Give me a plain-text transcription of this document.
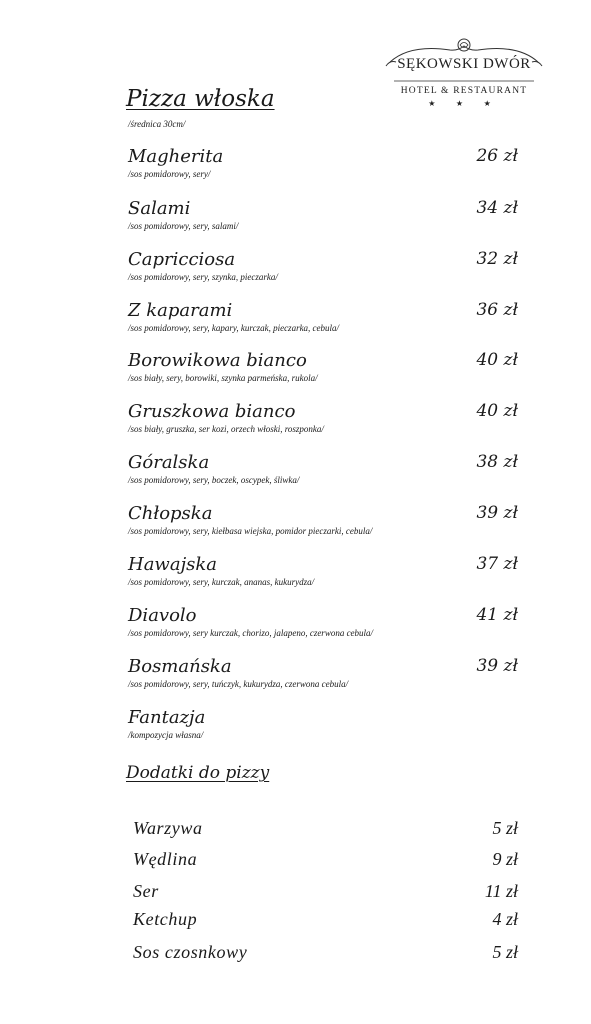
SĘKOWSKI DWÓR
HOTEL & RESTAURANT
★ ★ ★
Pizza włoska
/średnica 30cm/
Magherita
/sos pomidorowy, sery/
26 zł
Salami
/sos pomidorowy, sery, salami/
34 zł
Capricciosa
/sos pomidorowy, sery, szynka, pieczarka/
32 zł
Z kaparami
/sos pomidorowy, sery, kapary, kurczak, pieczarka, cebula/
36 zł
Borowikowa bianco
/sos biały, sery, borowiki, szynka parmeńska, rukola/
40 zł
Gruszkowa bianco
/sos biały, gruszka, ser kozi, orzech włoski, roszponka/
40 zł
Góralska
/sos pomidorowy, sery, boczek, oscypek, śliwka/
38 zł
Chłopska
/sos pomidorowy, sery, kiełbasa wiejska, pomidor pieczarki, cebula/
39 zł
Hawajska
/sos pomidorowy, sery, kurczak, ananas, kukurydza/
37 zł
Diavolo
/sos pomidorowy, sery kurczak, chorizo, jalapeno, czerwona cebula/
41 zł
Bosmańska
/sos pomidorowy, sery, tuńczyk, kukurydza, czerwona cebula/
39 zł
Fantazja
/kompozycja własna/
Dodatki do pizzy
Warzywa	5 zł
Wędlina	9 zł
Ser	11 zł
Ketchup	4 zł
Sos czosnkowy	5 zł
